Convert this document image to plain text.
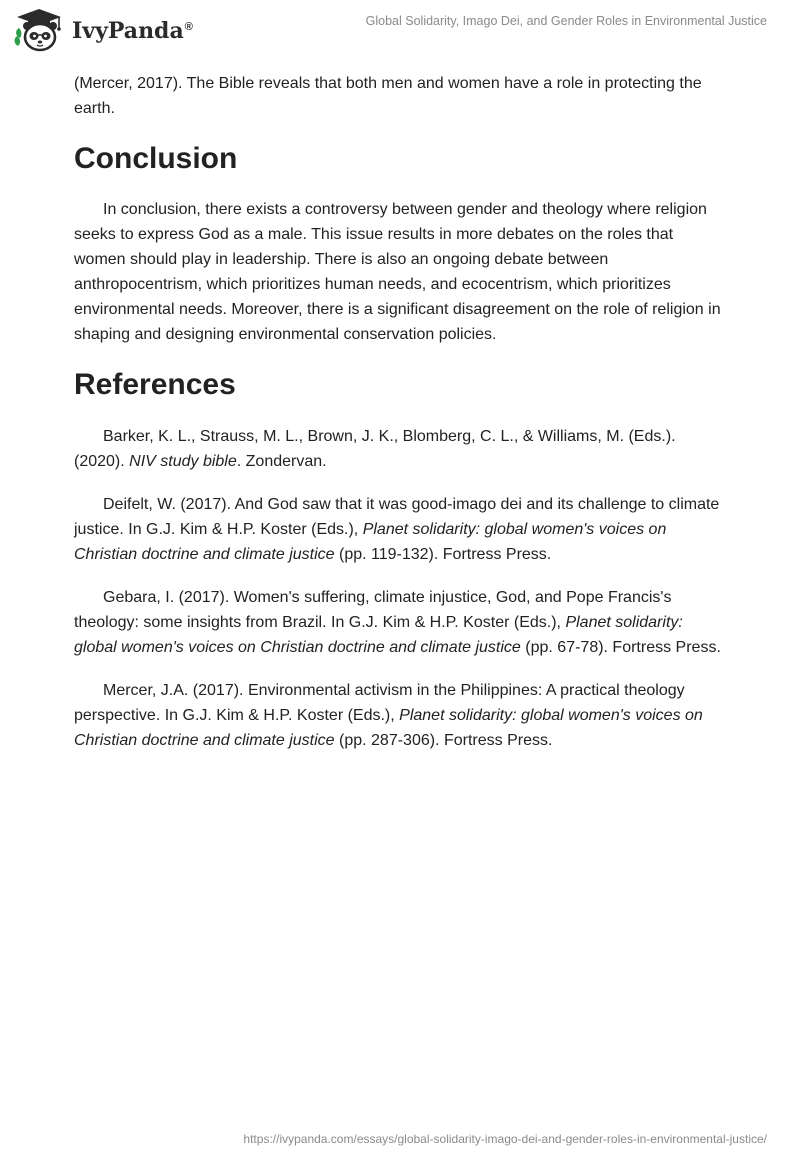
IvyPanda®	Global Solidarity, Imago Dei, and Gender Roles in Environmental Justice

(Mercer, 2017). The Bible reveals that both men and women have a role in protecting the earth.

Conclusion

In conclusion, there exists a controversy between gender and theology where religion seeks to express God as a male. This issue results in more debates on the roles that women should play in leadership. There is also an ongoing debate between anthropocentrism, which prioritizes human needs, and ecocentrism, which prioritizes environmental needs. Moreover, there is a significant disagreement on the role of religion in shaping and designing environmental conservation policies.

References

Barker, K. L., Strauss, M. L., Brown, J. K., Blomberg, C. L., & Williams, M. (Eds.). (2020). NIV study bible. Zondervan.

Deifelt, W. (2017). And God saw that it was good-imago dei and its challenge to climate justice. In G.J. Kim & H.P. Koster (Eds.), Planet solidarity: global women's voices on Christian doctrine and climate justice (pp. 119-132). Fortress Press.

Gebara, I. (2017). Women's suffering, climate injustice, God, and Pope Francis's theology: some insights from Brazil. In G.J. Kim & H.P. Koster (Eds.), Planet solidarity: global women's voices on Christian doctrine and climate justice (pp. 67-78). Fortress Press.

Mercer, J.A. (2017). Environmental activism in the Philippines: A practical theology perspective. In G.J. Kim & H.P. Koster (Eds.), Planet solidarity: global women's voices on Christian doctrine and climate justice (pp. 287-306). Fortress Press.

https://ivypanda.com/essays/global-solidarity-imago-dei-and-gender-roles-in-environmental-justice/
